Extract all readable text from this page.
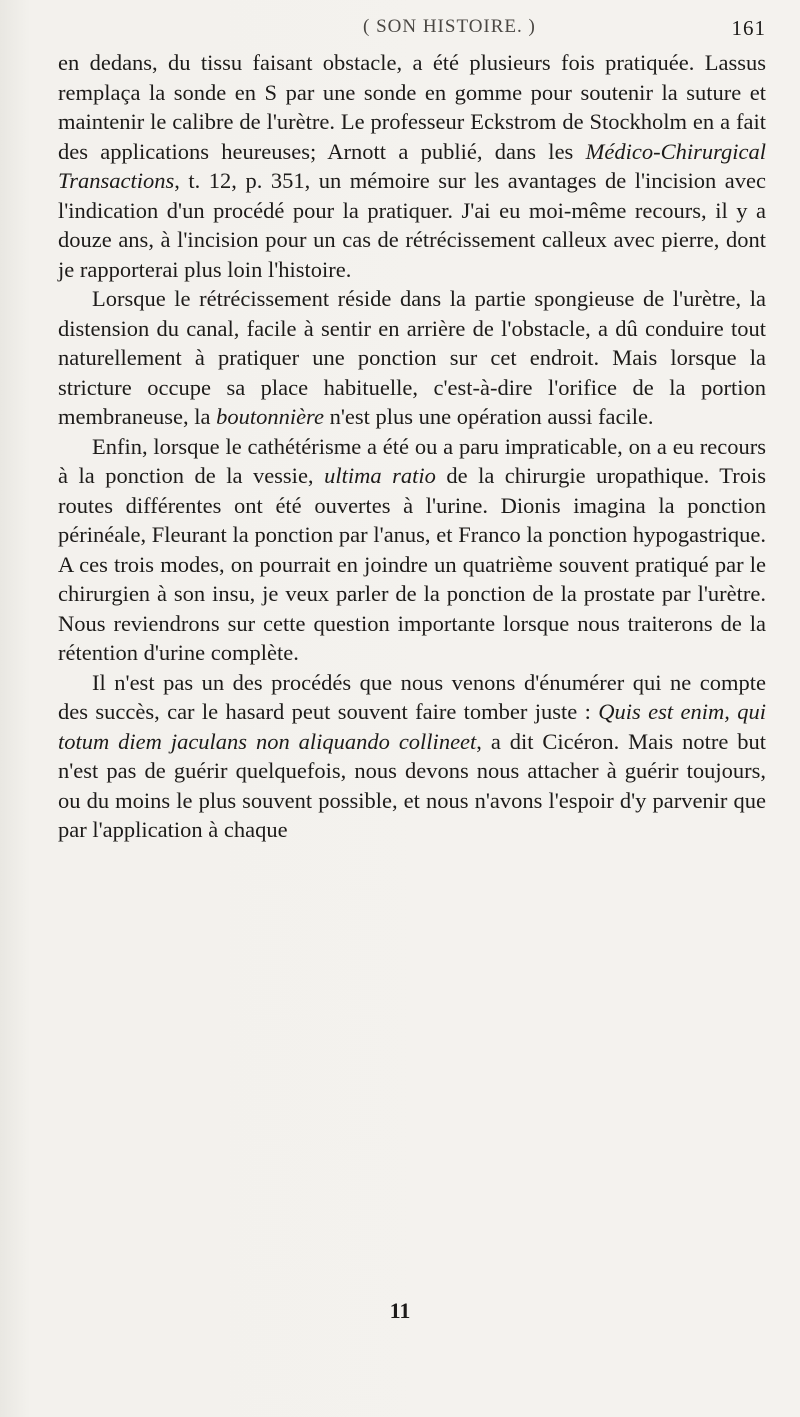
( SON HISTOIRE. )	161

en dedans, du tissu faisant obstacle, a été plusieurs fois pratiquée. Lassus remplaça la sonde en S par une sonde en gomme pour soutenir la suture et maintenir le calibre de l'urètre. Le professeur Eckstrom de Stockholm en a fait des applications heureuses; Arnott a publié, dans les Médico-Chirurgical Transactions, t. 12, p. 351, un mémoire sur les avantages de l'incision avec l'indication d'un procédé pour la pratiquer. J'ai eu moi-même recours, il y a douze ans, à l'incision pour un cas de rétrécissement calleux avec pierre, dont je rapporterai plus loin l'histoire.

Lorsque le rétrécissement réside dans la partie spongieuse de l'urètre, la distension du canal, facile à sentir en arrière de l'obstacle, a dû conduire tout naturellement à pratiquer une ponction sur cet endroit. Mais lorsque la stricture occupe sa place habituelle, c'est-à-dire l'orifice de la portion membraneuse, la boutonnière n'est plus une opération aussi facile.

Enfin, lorsque le cathétérisme a été ou a paru impraticable, on a eu recours à la ponction de la vessie, ultima ratio de la chirurgie uropathique. Trois routes différentes ont été ouvertes à l'urine. Dionis imagina la ponction périnéale, Fleurant la ponction par l'anus, et Franco la ponction hypogastrique. A ces trois modes, on pourrait en joindre un quatrième souvent pratiqué par le chirurgien à son insu, je veux parler de la ponction de la prostate par l'urètre. Nous reviendrons sur cette question importante lorsque nous traiterons de la rétention d'urine complète.

Il n'est pas un des procédés que nous venons d'énumérer qui ne compte des succès, car le hasard peut souvent faire tomber juste : Quis est enim, qui totum diem jaculans non aliquando collineet, a dit Cicéron. Mais notre but n'est pas de guérir quelquefois, nous devons nous attacher à guérir toujours, ou du moins le plus souvent possible, et nous n'avons l'espoir d'y parvenir que par l'application à chaque

11
